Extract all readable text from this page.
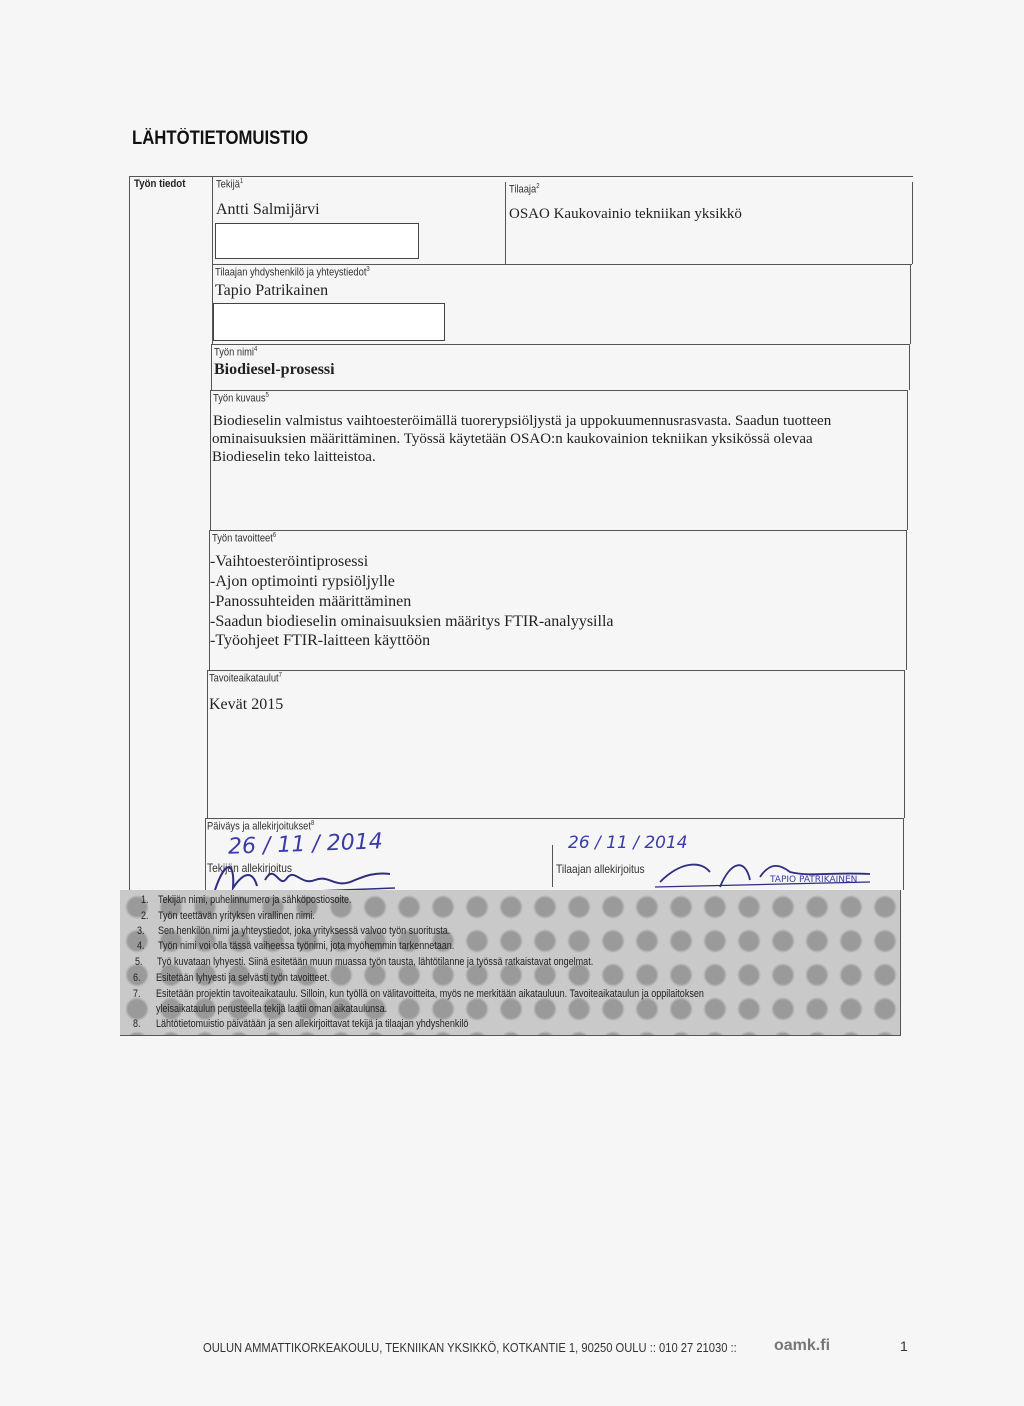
LÄHTÖTIETOMUISTIO
Työn tiedot	Tekijä$^1$
Antti Salmijärvi
Tilaaja$^2$
OSAO Kaukovainio tekniikan yksikkö
Tilaajan yhdyshenkilö ja yhteystiedot$^3$
Tapio Patrikainen
Työn nimi$^4$
Biodiesel-prosessi
Työn kuvaus$^5$
Biodieselin valmistus vaihtoesteröimällä tuorerypsiöljystä ja uppokuumennusrasvasta. Saadun tuotteen
ominaisuuksien määrittäminen. Työssä käytetään OSAO:n kaukovainion tekniikan yksikössä olevaa
Biodieselin teko laitteistoa.
Työn tavoitteet$^6$
-Vaihtoesteröintiprosessi
-Ajon optimointi rypsiöljylle
-Panossuhteiden määrittäminen
-Saadun biodieselin ominaisuuksien määritys FTIR-analyysilla
-Työohjeet FTIR-laitteen käyttöön
Tavoiteaikataulut$^7$
Kevät 2015
Päiväys ja allekirjoitukset$^8$
26 / 11 / 2014
Tekijän allekirjoitus
26 / 11 / 2014
Tilaajan allekirjoitus
TAPIO PATRIKAINEN
1. Tekijän nimi, puhelinnumero ja sähköpostiosoite.
2. Työn teettävän yrityksen virallinen nimi.
3. Sen henkilön nimi ja yhteystiedot, joka yrityksessä valvoo työn suoritusta.
4. Työn nimi voi olla tässä vaiheessa työnimi, jota myöhemmin tarkennetaan.
5. Työ kuvataan lyhyesti. Siinä esitetään muun muassa työn tausta, lähtötilanne ja työssä ratkaistavat ongelmat.
6. Esitetään lyhyesti ja selvästi työn tavoitteet.
7. Esitetään projektin tavoiteaikataulu. Silloin, kun työllä on välitavoitteita, myös ne merkitään aikatauluun. Tavoiteaikataulun ja oppilaitoksen
yleisaikataulun perusteella tekijä laatii oman aikataulunsa.
8. Lähtötietomuistio päivätään ja sen allekirjoittavat tekijä ja tilaajan yhdyshenkilö
OULUN AMMATTIKORKEAKOULU, TEKNIIKAN YKSIKKÖ, KOTKANTIE 1, 90250 OULU :: 010 27 21030 :: oamk.fi	1
